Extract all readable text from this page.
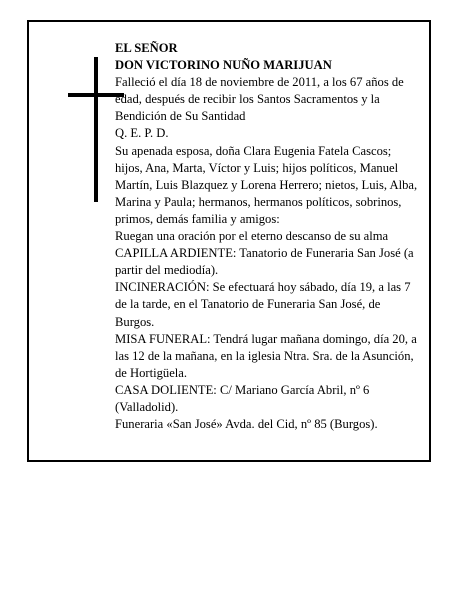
EL SEÑOR

DON VICTORINO NUÑO MARIJUAN

Falleció el día 18 de noviembre de 2011, a los 67 años de edad, después de recibir los Santos Sacramentos y la Bendición de Su Santidad

Q. E. P. D.

Su apenada esposa, doña Clara Eugenia Fatela Cascos; hijos, Ana, Marta, Víctor y Luis; hijos políticos, Manuel Martín, Luis Blazquez y Lorena Herrero; nietos, Luis, Alba, Marina y Paula; hermanos, hermanos políticos, sobrinos, primos, demás familia y amigos:

Ruegan una oración por el eterno descanso de su alma

CAPILLA ARDIENTE: Tanatorio de Funeraria San José (a partir del mediodía).

INCINERACIÓN: Se efectuará hoy sábado, día 19, a las 7 de la tarde, en el Tanatorio de Funeraria San José, de Burgos.

MISA FUNERAL: Tendrá lugar mañana domingo, día 20, a las 12 de la mañana, en la iglesia Ntra. Sra. de la Asunción, de Hortigüela.

CASA DOLIENTE: C/ Mariano García Abril, nº 6 (Valladolid).

Funeraria «San José» Avda. del Cid, nº 85 (Burgos).
